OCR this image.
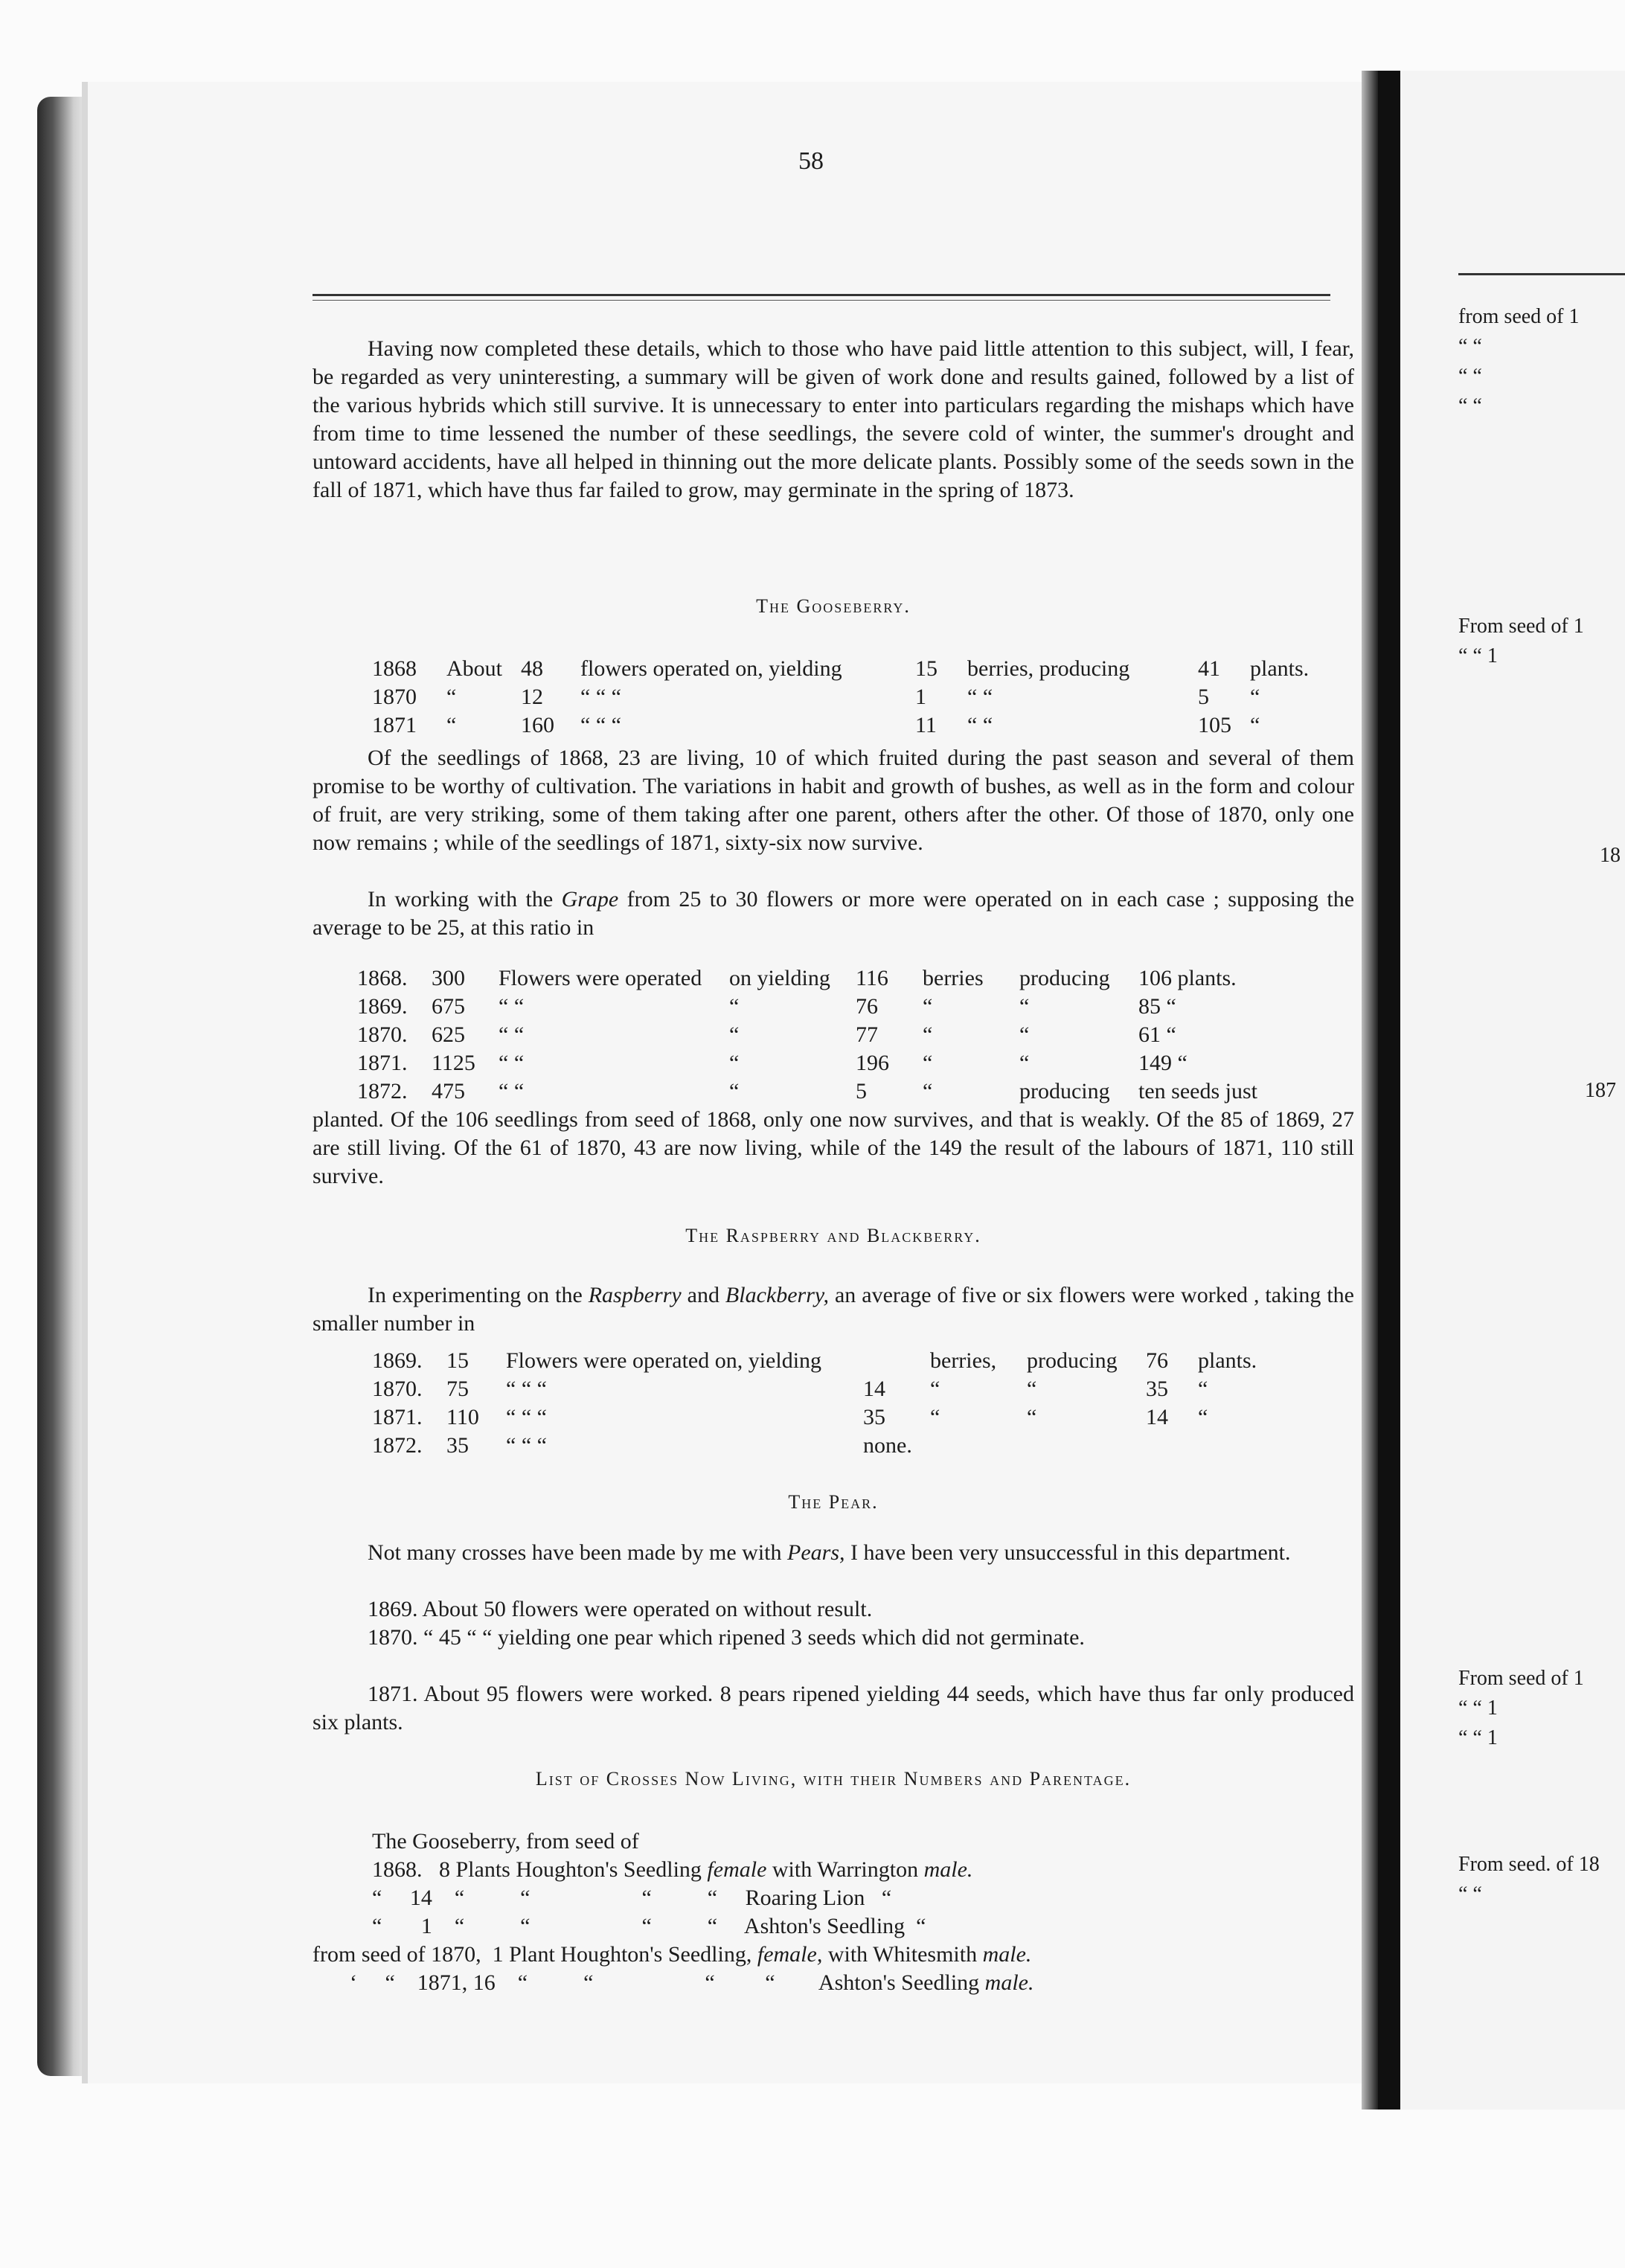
58
Having now completed these details, which to those who have paid little attention to this subject, will, I fear, be regarded as very uninteresting, a summary will be given of work done and results gained, followed by a list of the various hybrids which still survive. It is unnecessary to enter into particulars regarding the mishaps which have from time to time lessened the number of these seedlings, the severe cold of winter, the summer's drought and untoward accidents, have all helped in thinning out the more delicate plants. Possibly some of the seeds sown in the fall of 1871, which have thus far failed to grow, may germinate in the spring of 1873.
The Gooseberry.
1868	About	48	flowers operated on, yielding	15	berries, producing	41	plants.
1870	“	12	“ “ “	1	“ “	5	“
1871	“	160	“ “ “	11	“ “	105	“
Of the seedlings of 1868, 23 are living, 10 of which fruited during the past season and several of them promise to be worthy of cultivation. The variations in habit and growth of bushes, as well as in the form and colour of fruit, are very striking, some of them taking after one parent, others after the other. Of those of 1870, only one now remains ; while of the seedlings of 1871, sixty-six now survive.
In working with the Grape from 25 to 30 flowers or more were operated on in each case ; supposing the average to be 25, at this ratio in
1868.	300	Flowers were operated	on yielding	116	berries	producing	106 plants.
1869.	675	“ “	“	76	“	“	85 “
1870.	625	“ “	“	77	“	“	61 “
1871.	1125	“ “	“	196	“	“	149 “
1872.	475	“ “	“	5	“	producing	ten seeds just
planted. Of the 106 seedlings from seed of 1868, only one now survives, and that is weakly. Of the 85 of 1869, 27 are still living. Of the 61 of 1870, 43 are now living, while of the 149 the result of the labours of 1871, 110 still survive.
The Raspberry and Blackberry.
In experimenting on the Raspberry and Blackberry, an average of five or six flowers were worked , taking the smaller number in
1869.	15	Flowers were operated on, yielding		berries,	producing	76	plants.
1870.	75	“ “ “	14	“	“	35	“
1871.	110	“ “ “	35	“	“	14	“
1872.	35	“ “ “	none.				
The Pear.
Not many crosses have been made by me with Pears, I have been very unsuccessful in this department.
1869. About 50 flowers were operated on without result.
1870. “ 45 “ “ yielding one pear which ripened 3 seeds which did not germinate.
1871. About 95 flowers were worked. 8 pears ripened yielding 44 seeds, which have thus far only produced six plants.
List of Crosses Now Living, with their Numbers and Parentage.
The Gooseberry, from seed of
1868.   8 Plants Houghton's Seedling female with Warrington male.
“     14    “          “                    “          “     Roaring Lion   “
“       1    “          “                    “          “     Ashton's Seedling  “
from seed of 1870,  1 Plant Houghton's Seedling, female, with Whitesmith male.
‘     “    1871, 16    “          “                    “         “        Ashton's Seedling male.
from seed of 1
“ “
“ “
“ “
From seed of 1
“ “ 1
187
18
From seed of 1
“ “ 1
“ “ 1
From seed. of 18
“ “
